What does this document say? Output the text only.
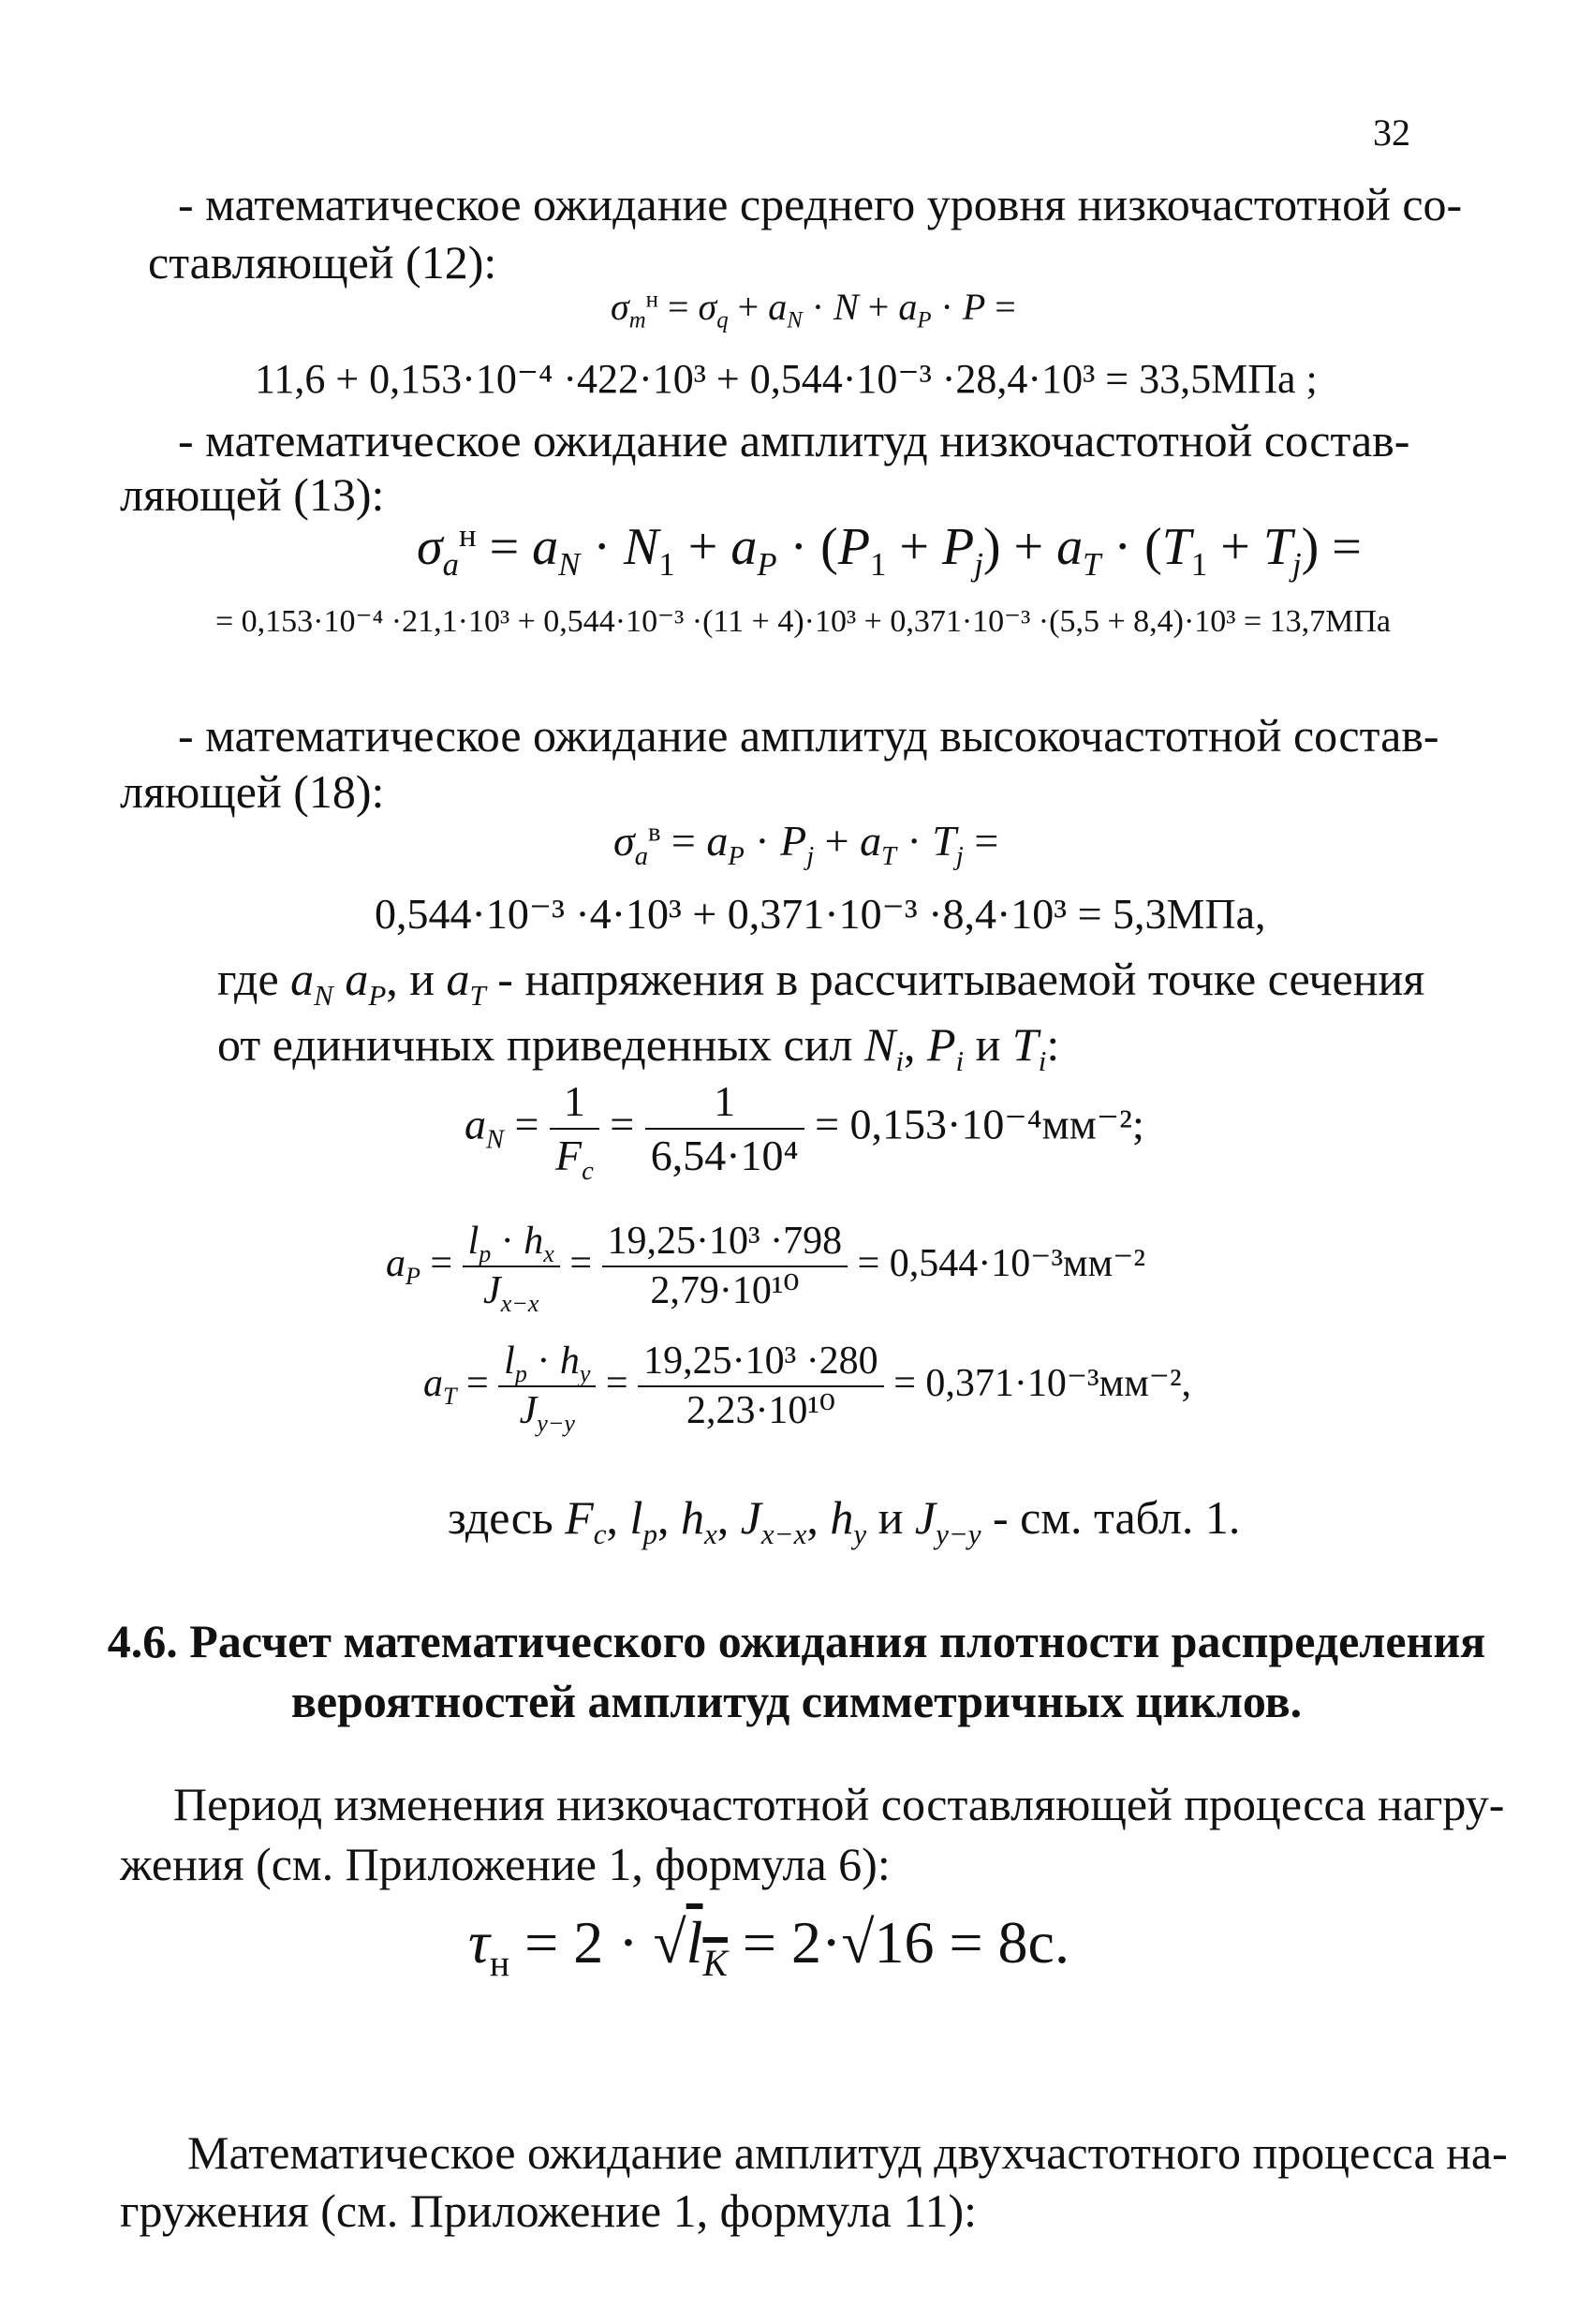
32
- математическое ожидание среднего уровня низкочастотной со-
ставляющей (12):
$\sigma_m^н = \sigma_q + a_N \cdot N + a_P \cdot P$ =
11,6 + 0,153·10⁻⁴ ·422·10³ + 0,544·10⁻³ ·28,4·10³ = 33,5МПа ;
- математическое ожидание амплитуд низкочастотной состав-
ляющей (13):
$\sigma_a^н = a_N \cdot N_1 + a_P \cdot (P_1 + P_j) + a_T \cdot (T_1 + T_j)$ =
= 0,153·10⁻⁴ ·21,1·10³ + 0,544·10⁻³ ·(11 + 4)·10³ + 0,371·10⁻³ ·(5,5 + 8,4)·10³ = 13,7МПа
- математическое ожидание амплитуд высокочастотной состав-
ляющей (18):
$\sigma_a^в = a_P \cdot P_j + a_T \cdot T_j$ =
0,544·10⁻³ ·4·10³ + 0,371·10⁻³ ·8,4·10³ = 5,3МПа,
где $a_N$ $a_P$, и $a_T$ - напряжения в рассчитываемой точке сечения
от единичных приведенных сил $N_i$, $P_i$ и $T_i$:
$a_N = \frac{1}{F_c} = \frac{1}{\text{6,54·10⁴}} = 0,153\cdot 10^{-4}мм^{-2}$;
$a_P = \frac{l_p \cdot h_x}{J_{x-x}} = \frac{\text{19,25·10³ ·798}}{\text{2,79·10¹⁰}} = 0,544\cdot 10^{-3}мм^{-2}$
$a_T = \frac{l_p \cdot h_y}{J_{y-y}} = \frac{\text{19,25·10³ ·280}}{\text{2,23·10¹⁰}} = 0,371\cdot 10^{-3}мм^{-2}$,
здесь $F_c$, $l_p$, $h_x$, $J_{x-x}$, $h_y$ и $J_{y-y}$ - см. табл. 1.
4.6. Расчет математического ожидания плотности распределения
вероятностей амплитуд симметричных циклов.
Период изменения низкочастотной составляющей процесса нагру-
жения (см. Приложение 1, формула 6):
$\tau_н = 2 \cdot √l_K = 2\cdot√16 = 8с$.
Математическое ожидание амплитуд двухчастотного процесса на-
гружения (см. Приложение 1, формула 11):
